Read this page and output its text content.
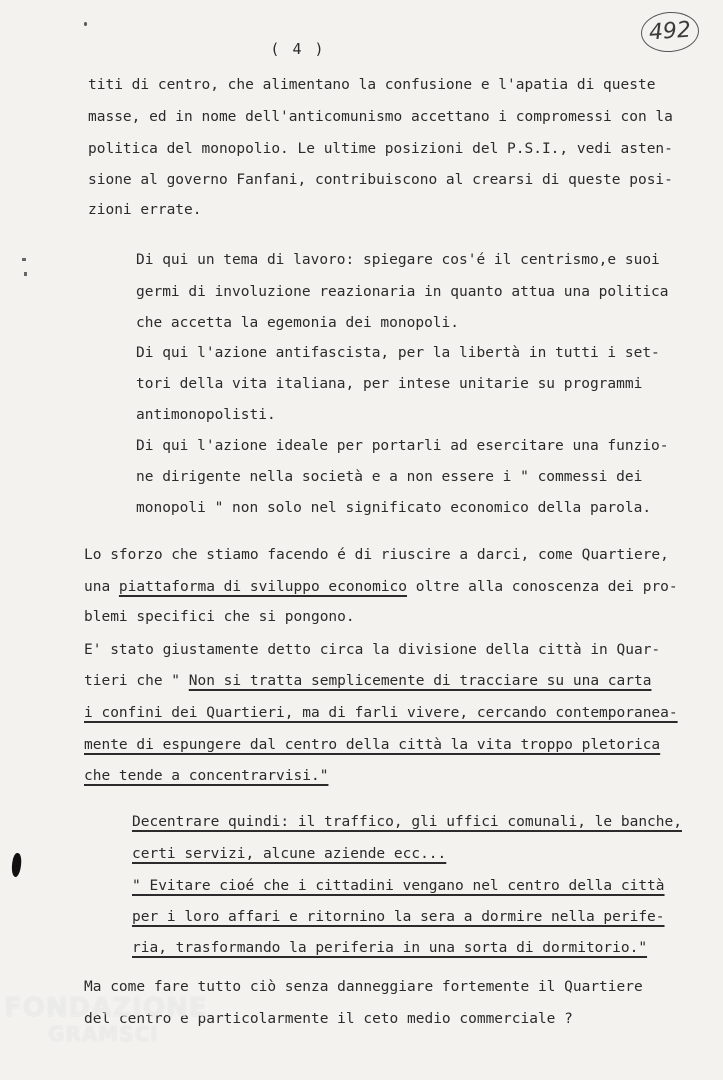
( 4 )
492
titi di centro, che alimentano la confusione e l'apatia di queste
masse, ed in nome dell'anticomunismo accettano i compromessi con la
politica del monopolio. Le ultime posizioni del P.S.I., vedi asten-
sione al governo Fanfani, contribuiscono al crearsi di queste posi-
zioni errate.
Di qui un tema di lavoro: spiegare cos'é il centrismo,e suoi
germi di involuzione reazionaria in quanto attua una politica
che accetta la egemonia dei monopoli.
Di qui l'azione antifascista, per la libertà in tutti i set-
tori della vita italiana, per intese unitarie su programmi
antimonopolisti.
Di qui l'azione ideale per portarli ad esercitare una funzio-
ne dirigente nella società e a non essere i " commessi dei
monopoli " non solo nel significato economico della parola.
Lo sforzo che stiamo facendo é di riuscire a darci, come Quartiere,
una piattaforma di sviluppo economico oltre alla conoscenza dei pro-
blemi specifici che si pongono.
E' stato giustamente detto circa la divisione della città in Quar-
tieri che " Non si tratta semplicemente di tracciare su una carta
i confini dei Quartieri, ma di farli vivere, cercando contemporanea-
mente di espungere dal centro della città la vita troppo pletorica
che tende a concentrarvisi."
Decentrare quindi: il traffico, gli uffici comunali, le banche,
certi servizi, alcune aziende ecc...
" Evitare cioé che i cittadini vengano nel centro della città
per i loro affari e ritornino la sera a dormire nella perife-
ria, trasformando la periferia in una sorta di dormitorio."
Ma come fare tutto ciò senza danneggiare fortemente il Quartiere
del centro e particolarmente il ceto medio commerciale ?
FONDAZIONE
GRAMSCI
